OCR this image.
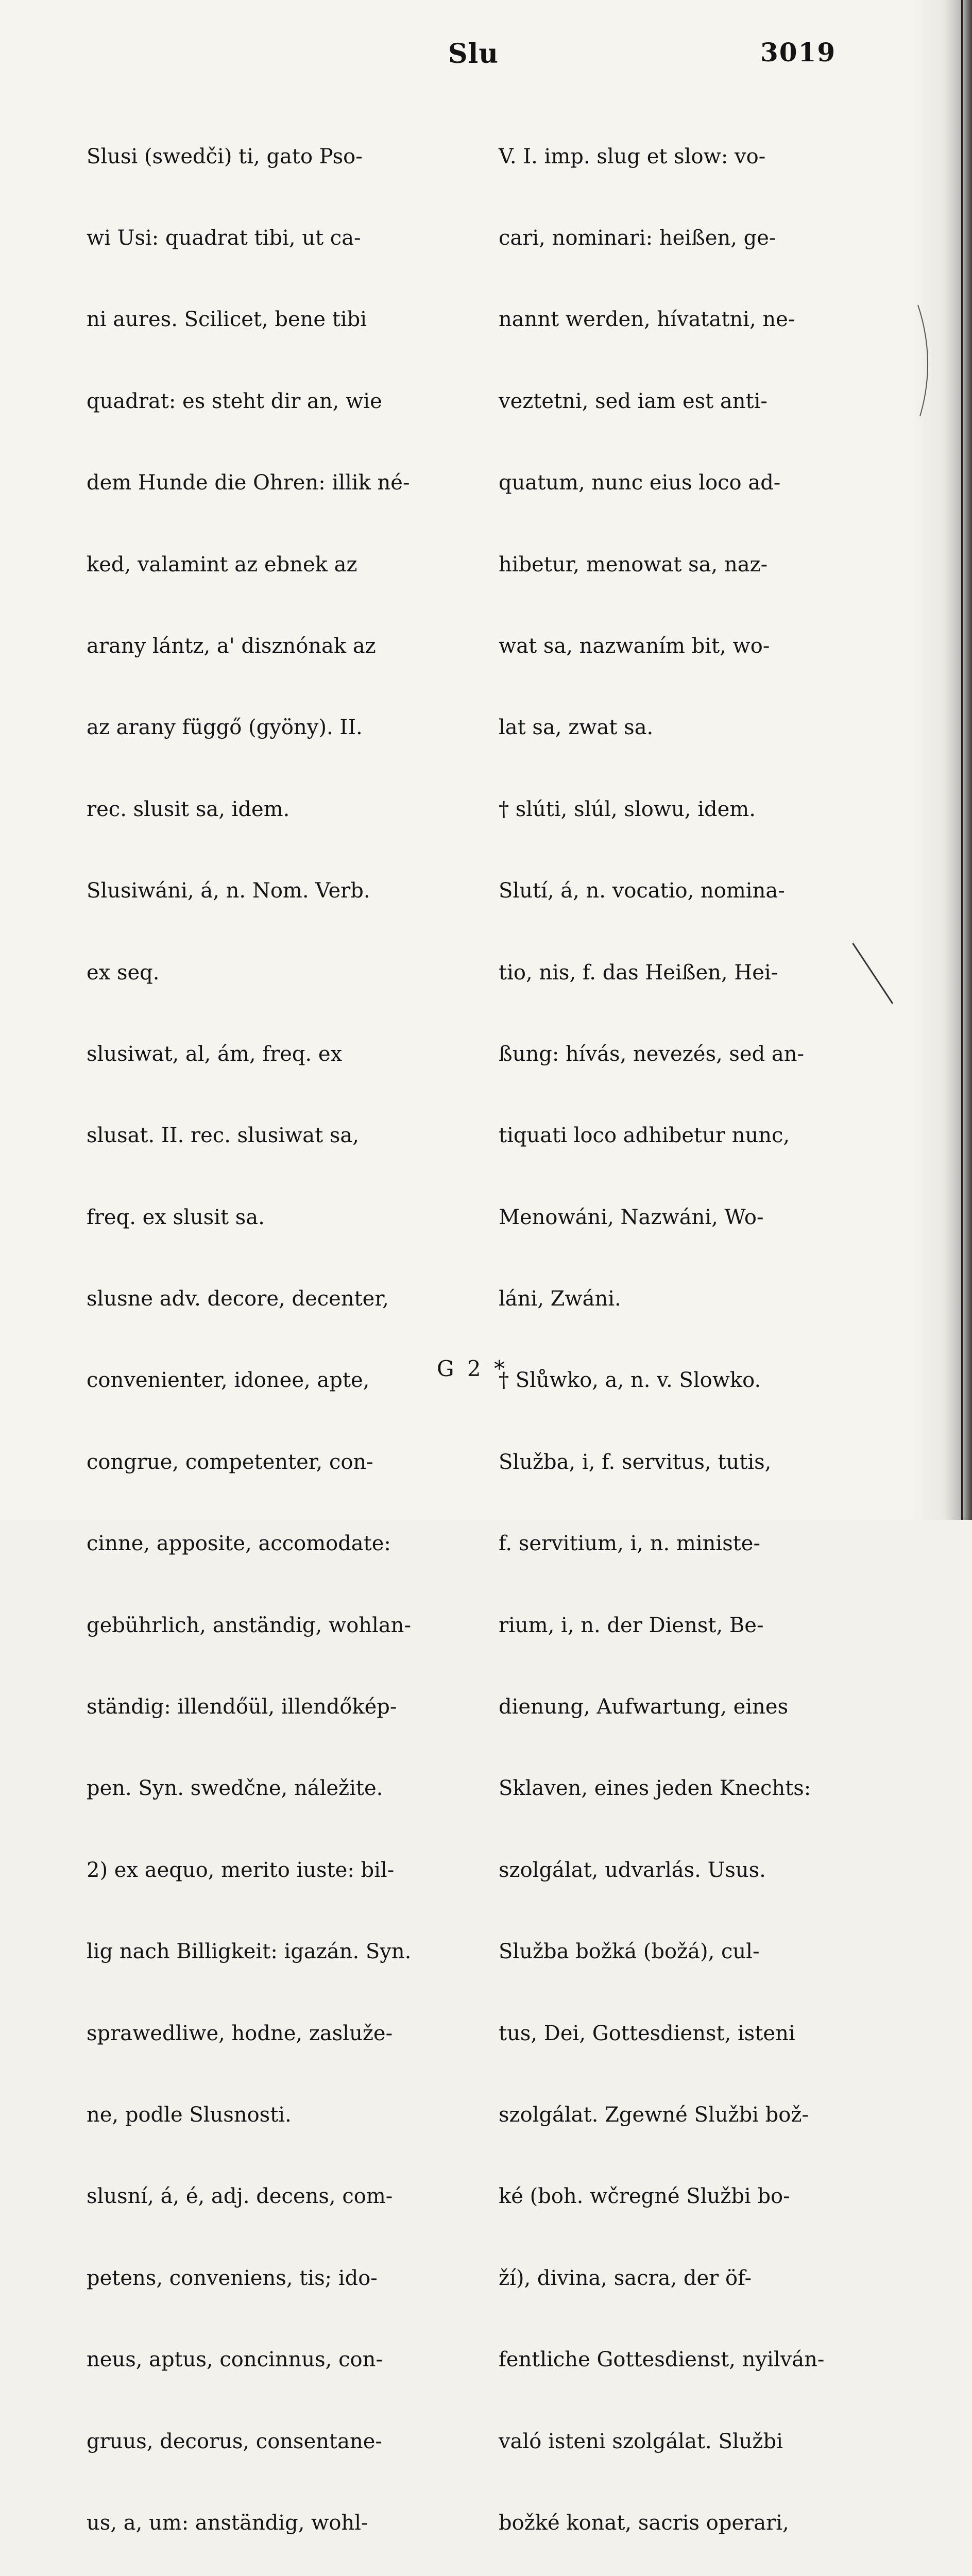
Slu	3019

Slusi (swedči) ti, gato Pso-

wi Usi: quadrat tibi, ut ca-

ni aures. Scilicet, bene tibi

quadrat: es steht dir an, wie

dem Hunde die Ohren: illik né-

ked, valamint az ebnek az

arany lántz, a' disznónak az

az arany függő (gyöny). II.

rec. slusit sa, idem.

Slusiwáni, á, n. Nom. Verb.

ex seq.

slusiwat, al, ám, freq. ex

slusat. II. rec. slusiwat sa,

freq. ex slusit sa.

slusne adv. decore, decenter,

convenienter, idonee, apte,

congrue, competenter, con-

cinne, apposite, accomodate:

gebührlich, anständig, wohlan-

ständig: illendőül, illendőkép-

pen. Syn. swedčne, náležite.

2) ex aequo, merito iuste: bil-

lig nach Billigkeit: igazán. Syn.

sprawedliwe, hodne, zasluže-

ne, podle Slusnosti.

slusní, á, é, adj. decens, com-

petens, conveniens, tis; ido-

neus, aptus, concinnus, con-

gruus, decorus, consentane-

us, a, um: anständig, wohl-

V. I. imp. slug et slow: vo-

cari, nominari: heißen, ge-

nannt werden, hívatatni, ne-

veztetni, sed iam est anti-

quatum, nunc eius loco ad-

hibetur, menowat sa, naz-

wat sa, nazwaním bit, wo-

lat sa, zwat sa.

† slúti, slúl, slowu, idem.

Slutí, á, n. vocatio, nomina-

tio, nis, f. das Heißen, Hei-

ßung: hívás, nevezés, sed an-

tiquati loco adhibetur nunc,

Menowáni, Nazwáni, Wo-

láni, Zwáni.

† Slůwko, a, n. v. Slowko.

Služba, i, f. servitus, tutis,

f. servitium, i, n. ministe-

rium, i, n. der Dienst, Be-

dienung, Aufwartung, eines

Sklaven, eines jeden Knechts:

szolgálat, udvarlás. Usus.

Služba božká (božá), cul-

tus, Dei, Gottesdienst, isteni

szolgálat. Zgewné Službi bož-

ké (boh. wčregné Službi bo-

ží), divina, sacra, der öf-

fentliche Gottesdienst, nyilván-

való isteni szolgálat. Službi

božké konat, sacris operari,

G 2 *
